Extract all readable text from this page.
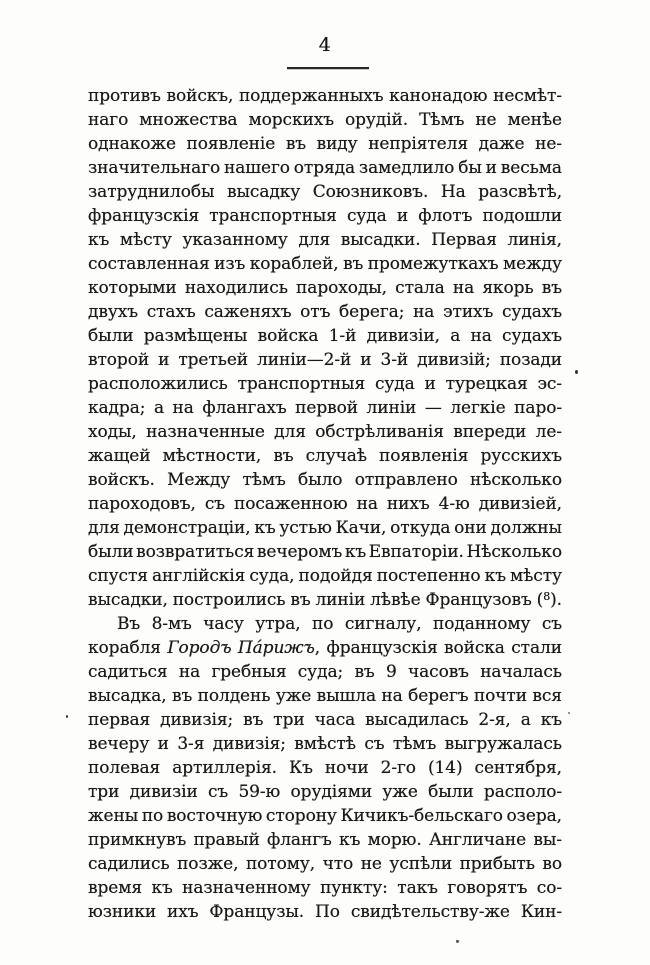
4
противъ войскъ, поддержанныхъ канонадою несмѣт-
наго множества морскихъ орудій. Тѣмъ не менѣе
однакоже появленіе въ виду непріятеля даже не-
значительнаго нашего отряда замедлило бы и весьма
затруднилобы высадку Союзниковъ. На разсвѣтѣ,
французскія транспортныя суда и флотъ подошли
къ мѣсту указанному для высадки. Первая линія,
составленная изъ кораблей, въ промежуткахъ между
которыми находились пароходы, стала на якорь въ
двухъ стахъ саженяхъ отъ берега; на этихъ судахъ
были размѣщены войска 1-й дивизіи, а на судахъ
второй и третьей линіи—2-й и 3-й дивизій; позади
расположились транспортныя суда и турецкая эс-
кадра; а на флангахъ первой линіи — легкіе паро-
ходы, назначенные для обстрѣливанія впереди ле-
жащей мѣстности, въ случаѣ появленія русскихъ
войскъ. Между тѣмъ было отправлено нѣсколько
пароходовъ, съ посаженною на нихъ 4-ю дивизіей,
для демонстраціи, къ устью Качи, откуда они должны
были возвратиться вечеромъ къ Евпаторіи. Нѣсколько
спустя англійскія суда, подойдя постепенно къ мѣсту
высадки, построились въ линіи лѣвѣе Французовъ ($^8$).
Въ 8-мъ часу утра, по сигналу, поданному съ
корабля Городъ Па́рижъ, французскія войска стали
садиться на гребныя суда; въ 9 часовъ началась
высадка, въ полдень уже вышла на берегъ почти вся
первая дивизія; въ три часа высадилась 2-я, а къ
вечеру и 3-я дивизія; вмѣстѣ съ тѣмъ выгружалась
полевая артиллерія. Къ ночи 2-го (14) сентября,
три дивизіи съ 59-ю орудіями уже были располо-
жены по восточную сторону Кичикъ-бельскаго озера,
примкнувъ правый флангъ къ морю. Англичане вы-
садились позже, потому, что не успѣли прибыть во
время къ назначенному пункту: такъ говорятъ со-
юзники ихъ Французы. По свидѣтельству-же Кин-
